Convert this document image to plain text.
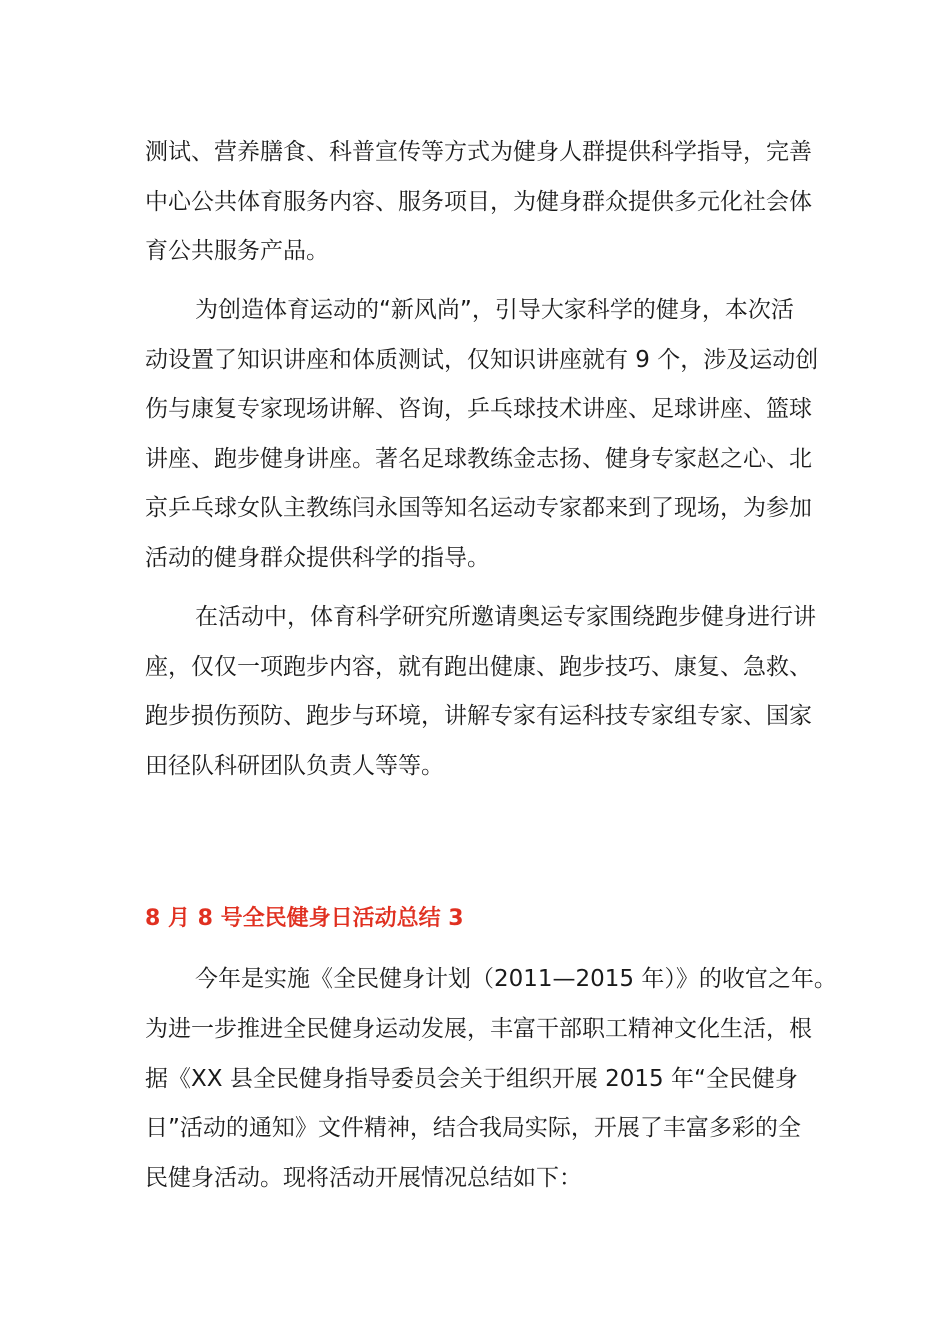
测试、营养膳食、科普宣传等方式为健身人群提供科学指导，完善

中心公共体育服务内容、服务项目，为健身群众提供多元化社会体

育公共服务产品。

为创造体育运动的“新风尚”，引导大家科学的健身，本次活

动设置了知识讲座和体质测试，仅知识讲座就有 9 个，涉及运动创

伤与康复专家现场讲解、咨询，乒乓球技术讲座、足球讲座、篮球

讲座、跑步健身讲座。著名足球教练金志扬、健身专家赵之心、北

京乒乓球女队主教练闫永国等知名运动专家都来到了现场，为参加

活动的健身群众提供科学的指导。

在活动中，体育科学研究所邀请奥运专家围绕跑步健身进行讲

座，仅仅一项跑步内容，就有跑出健康、跑步技巧、康复、急救、

跑步损伤预防、跑步与环境，讲解专家有运科技专家组专家、国家

田径队科研团队负责人等等。

8 月 8 号全民健身日活动总结 3

今年是实施《全民健身计划（2011—2015 年）》的收官之年。

为进一步推进全民健身运动发展，丰富干部职工精神文化生活，根

据《XX 县全民健身指导委员会关于组织开展 2015 年“全民健身

日”活动的通知》文件精神，结合我局实际，开展了丰富多彩的全

民健身活动。现将活动开展情况总结如下：
